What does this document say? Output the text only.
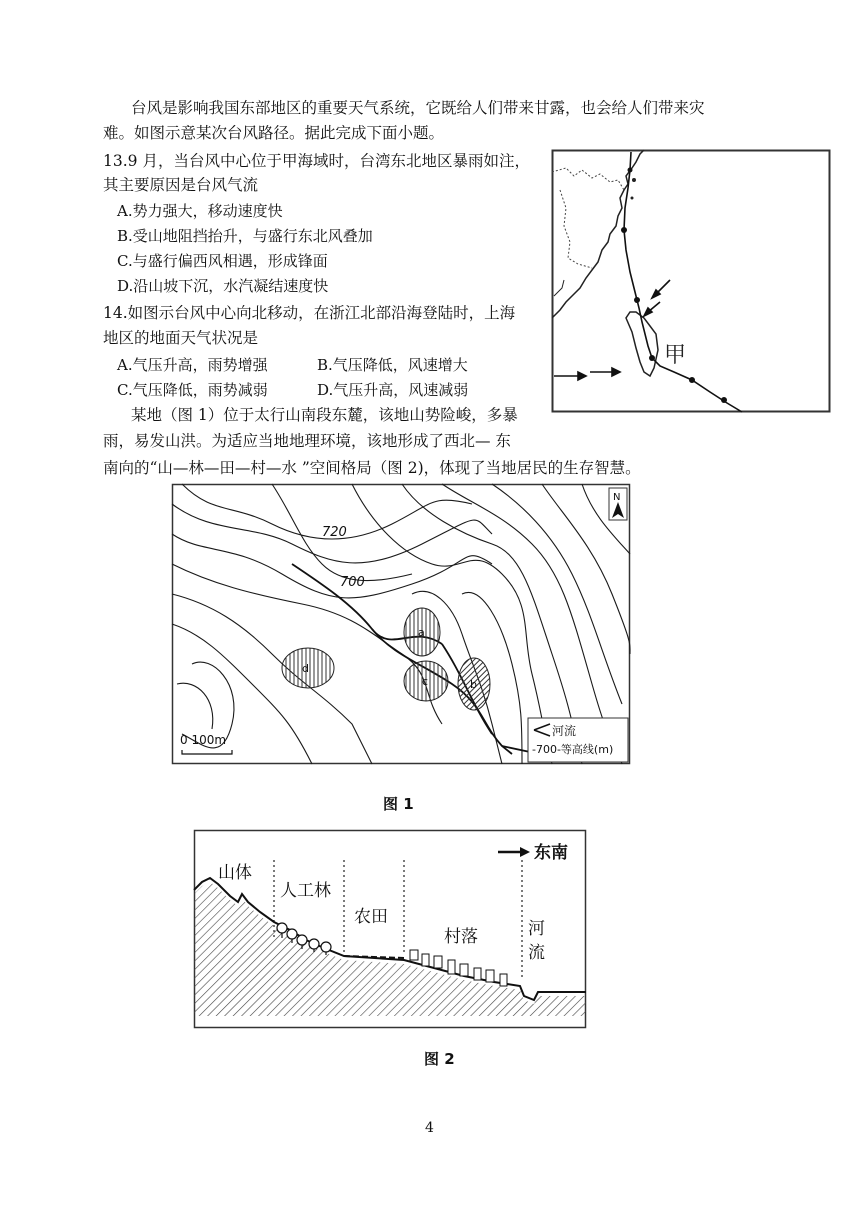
台风是影响我国东部地区的重要天气系统，它既给人们带来甘露，也会给人们带来灾
难。如图示意某次台风路径。据此完成下面小题。
13.9 月，当台风中心位于甲海域时，台湾东北地区暴雨如注，
其主要原因是台风气流
A.势力强大，移动速度快
B.受山地阻挡抬升，与盛行东北风叠加
C.与盛行偏西风相遇，形成锋面
D.沿山坡下沉，水汽凝结速度快
14.如图示台风中心向北移动，在浙江北部沿海登陆时，上海
地区的地面天气状况是
A.气压升高，雨势增强	B.气压降低，风速增大
C.气压降低，雨势减弱	D.气压升高，风速减弱
某地（图 1）位于太行山南段东麓，该地山势险峻，多暴
雨，易发山洪。为适应当地地理环境，该地形成了西北— 东
南向的“山—林—田—村—水 ”空间格局（图 2)，体现了当地居民的生存智慧。
甲
720
700
a
b
c
d
N
0 100m
河流
-700-等高线(m)
图 1
东南
山体
人工林
农田
村落	河
流
图 2
4
